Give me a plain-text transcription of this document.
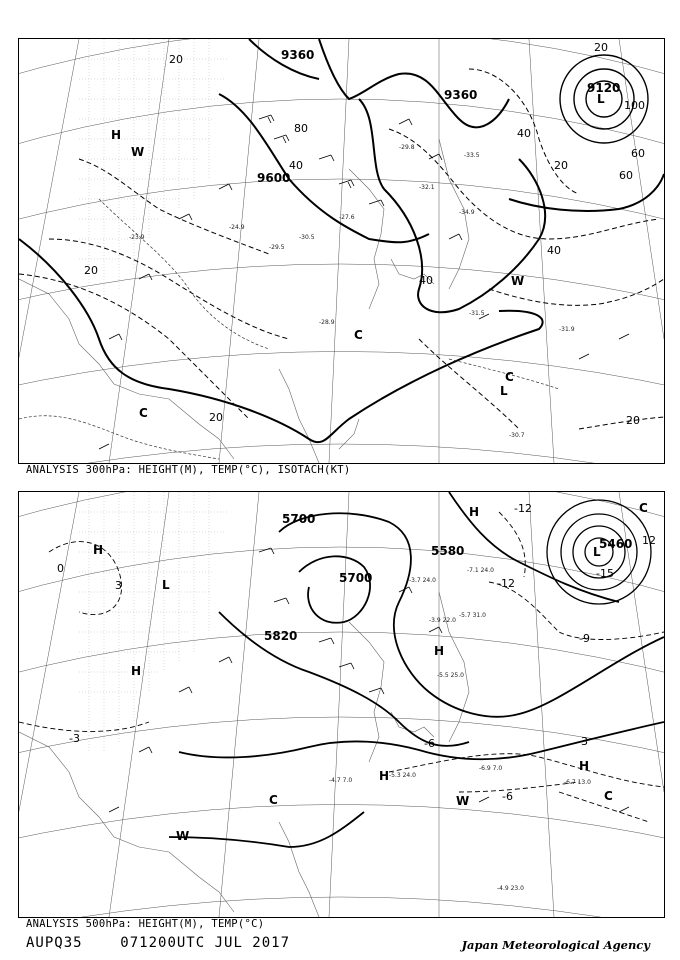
-29.5
-31.5
-31.9
-28.9
-30.7
-33.5
-32.1
-27.6
-24.9
-23.9	-30.5
-29.8
-34.9
9360
9600
9120
9360
20
40
60
80
100
20
40
20
40
60
20
20
40
20
H
W
L
C
C
C
W
L
ANALYSIS 300hPa: HEIGHT(M), TEMP(°C), ISOTACH(KT)
-4.9 23.0
-6.7 13.0
-5.3 24.0
-6.9 7.0
-4.7 7.0
-3.9 22.0
-5.7 31.0
-5.5 25.0
-3.7 24.0
-7.1 24.0
5700
5700
5820
5580	5460
0
-3	-3
-6
-6
-9
-12
-12
-15
12
3
H
L
H
H
H
H
C	C
W
W
L
H	C
ANALYSIS 500hPa: HEIGHT(M), TEMP(°C)
AUPQ35	071200UTC JUL 2017	Japan Meteorological Agency
